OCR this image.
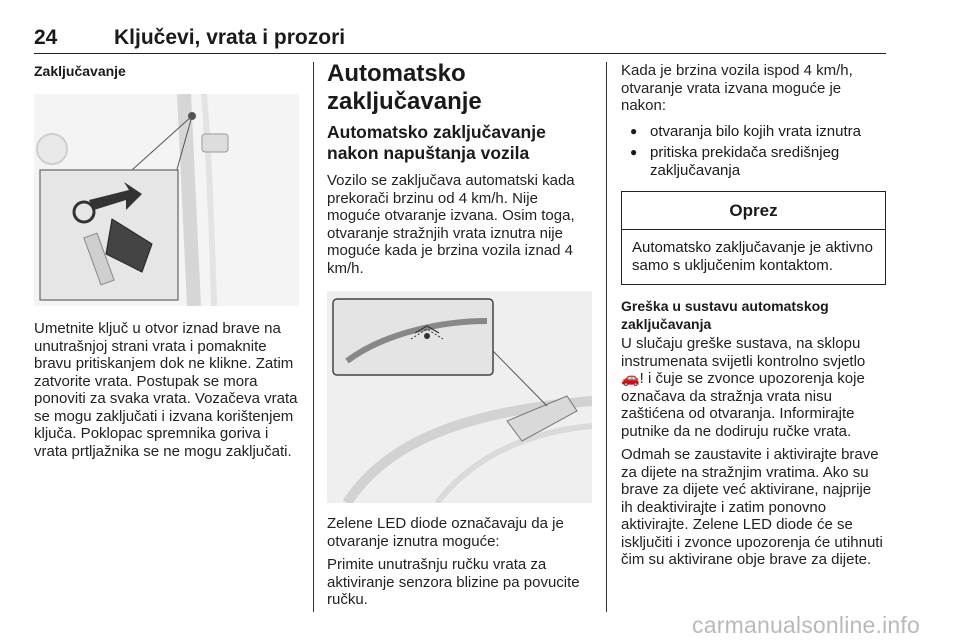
24	Ključevi, vrata i prozori
Zaključavanje
Umetnite ključ u otvor iznad brave na unutrašnjoj strani vrata i pomaknite bravu pritiskanjem dok ne klikne. Zatim zatvorite vrata. Postupak se mora ponoviti za svaka vrata. Vozačeva vrata se mogu zaključati i izvana korištenjem ključa. Poklopac spremnika goriva i vrata prtljažnika se ne mogu zaključati.
Automatsko zaključavanje
Automatsko zaključavanje nakon napuštanja vozila
Vozilo se zaključava automatski kada prekorači brzinu od 4 km/h. Nije moguće otvaranje izvana. Osim toga, otvaranje stražnjih vrata iznutra nije moguće kada je brzina vozila iznad 4 km/h.
Zelene LED diode označavaju da je otvaranje iznutra moguće:
Primite unutrašnju ručku vrata za aktiviranje senzora blizine pa povucite ručku.
Kada je brzina vozila ispod 4 km/h, otvaranje vrata izvana moguće je nakon:
● otvaranja bilo kojih vrata iznutra
● pritiska prekidača središnjeg zaključavanja
Oprez
Automatsko zaključavanje je aktivno samo s uključenim kontaktom.
Greška u sustavu automatskog zaključavanja
U slučaju greške sustava, na sklopu instrumenata svijetli kontrolno svjetlo 🚗! i čuje se zvonce upozorenja koje označava da stražnja vrata nisu zaštićena od otvaranja. Informirajte putnike da ne dodiruju ručke vrata.
Odmah se zaustavite i aktivirajte brave za dijete na stražnjim vratima. Ako su brave za dijete već aktivirane, najprije ih deaktivirajte i zatim ponovno aktivirajte. Zelene LED diode će se isključiti i zvonce upozorenja će utihnuti čim su aktivirane obje brave za dijete.
carmanualsonline.info
